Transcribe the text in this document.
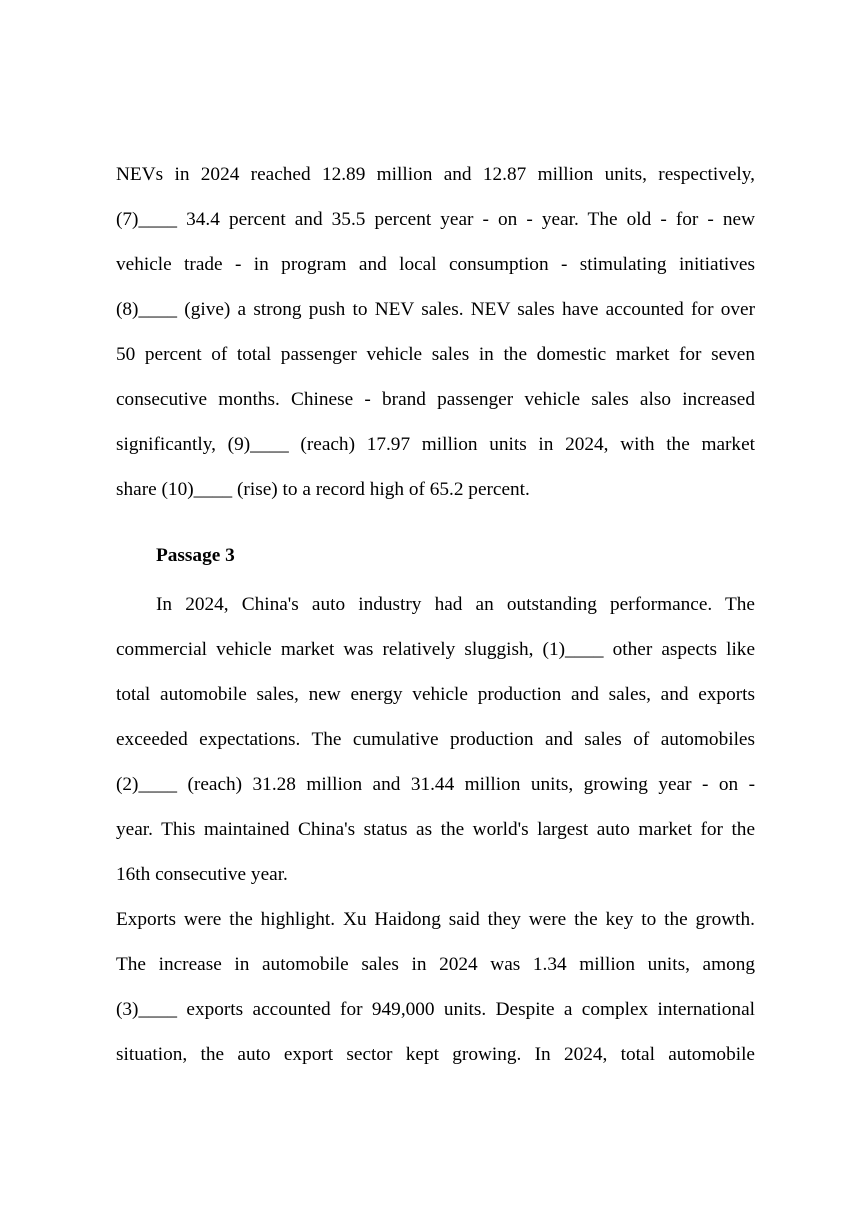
NEVs in 2024 reached 12.89 million and 12.87 million units, respectively,
(7)____ 34.4 percent and 35.5 percent year - on - year. The old - for - new
vehicle trade - in program and local consumption - stimulating initiatives
(8)____ (give) a strong push to NEV sales. NEV sales have accounted for over
50 percent of total passenger vehicle sales in the domestic market for seven
consecutive months. Chinese - brand passenger vehicle sales also increased
significantly, (9)____ (reach) 17.97 million units in 2024, with the market
share (10)____ (rise) to a record high of 65.2 percent.
Passage 3
In 2024, China's auto industry had an outstanding performance. The
commercial vehicle market was relatively sluggish, (1)____ other aspects like
total automobile sales, new energy vehicle production and sales, and exports
exceeded expectations. The cumulative production and sales of automobiles
(2)____ (reach) 31.28 million and 31.44 million units, growing year - on -
year. This maintained China's status as the world's largest auto market for the
16th consecutive year.
Exports were the highlight. Xu Haidong said they were the key to the growth.
The increase in automobile sales in 2024 was 1.34 million units, among
(3)____ exports accounted for 949,000 units. Despite a complex international
situation, the auto export sector kept growing. In 2024, total automobile
